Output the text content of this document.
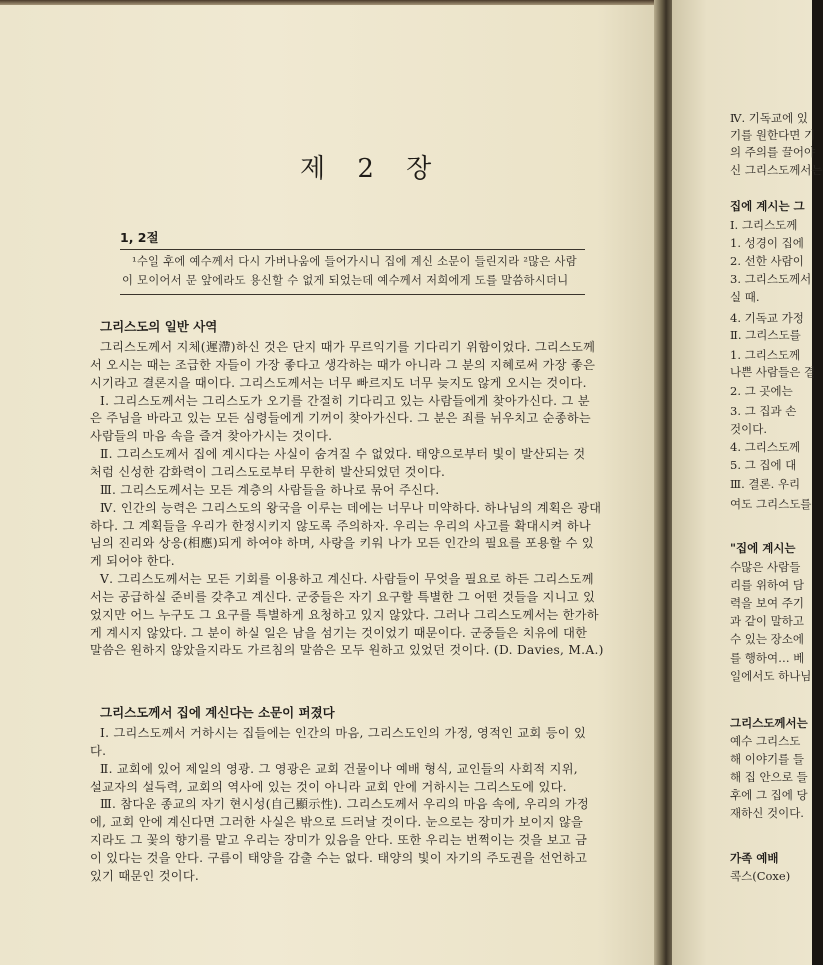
제 2 장
1, 2절
¹수일 후에 예수께서 다시 가버나움에 들어가시니 집에 계신 소문이 들린지라 ²많은 사람
이 모이어서 문 앞에라도 용신할 수 없게 되었는데 예수께서 저희에게 도를 말씀하시더니
그리스도의 일반 사역
그리스도께서 지체(遲滯)하신 것은 단지 때가 무르익기를 기다리기 위함이었다. 그리스도께
서 오시는 때는 조급한 자들이 가장 좋다고 생각하는 때가 아니라 그 분의 지혜로써 가장 좋은
시기라고 결론지을 때이다. 그리스도께서는 너무 빠르지도 너무 늦지도 않게 오시는 것이다.
Ⅰ. 그리스도께서는 그리스도가 오기를 간절히 기다리고 있는 사람들에게 찾아가신다. 그 분
은 주님을 바라고 있는 모든 심령들에게 기꺼이 찾아가신다. 그 분은 죄를 뉘우치고 순종하는
사람들의 마음 속을 즐겨 찾아가시는 것이다.
Ⅱ. 그리스도께서 집에 계시다는 사실이 숨겨질 수 없었다. 태양으로부터 빛이 발산되는 것
처럼 신성한 감화력이 그리스도로부터 무한히 발산되었던 것이다.
Ⅲ. 그리스도께서는 모든 계층의 사람들을 하나로 묶어 주신다.
Ⅳ. 인간의 능력은 그리스도의 왕국을 이루는 데에는 너무나 미약하다. 하나님의 계획은 광대
하다. 그 계획들을 우리가 한정시키지 않도록 주의하자. 우리는 우리의 사고를 확대시켜 하나
님의 진리와 상응(相應)되게 하여야 하며, 사랑을 키워 나가 모든 인간의 필요를 포용할 수 있
게 되어야 한다.
Ⅴ. 그리스도께서는 모든 기회를 이용하고 계신다. 사람들이 무엇을 필요로 하든 그리스도께
서는 공급하실 준비를 갖추고 계신다. 군중들은 자기 요구할 특별한 그 어떤 것들을 지니고 있
었지만 어느 누구도 그 요구를 특별하게 요청하고 있지 않았다. 그러나 그리스도께서는 한가하
게 계시지 않았다. 그 분이 하실 일은 남을 섬기는 것이었기 때문이다. 군중들은 치유에 대한
말씀은 원하지 않았을지라도 가르침의 말씀은 모두 원하고 있었던 것이다. (D. Davies, M.A.)
그리스도께서 집에 계신다는 소문이 퍼졌다
Ⅰ. 그리스도께서 거하시는 집들에는 인간의 마음, 그리스도인의 가정, 영적인 교회 등이 있
다.
Ⅱ. 교회에 있어 제일의 영광. 그 영광은 교회 건물이나 예배 형식, 교인들의 사회적 지위,
설교자의 설득력, 교회의 역사에 있는 것이 아니라 교회 안에 거하시는 그리스도에 있다.
Ⅲ. 참다운 종교의 자기 현시성(自己顯示性). 그리스도께서 우리의 마음 속에, 우리의 가정
에, 교회 안에 계신다면 그러한 사실은 밖으로 드러날 것이다. 눈으로는 장미가 보이지 않을
지라도 그 꽃의 향기를 맡고 우리는 장미가 있음을 안다. 또한 우리는 번쩍이는 것을 보고 금
이 있다는 것을 안다. 구름이 태양을 감출 수는 없다. 태양의 빛이 자기의 주도권을 선언하고
있기 때문인 것이다.
Ⅳ. 기독교에 있
기를 원한다면 기
의 주의를 끌어야
신 그리스도께서는
집에 계시는 그
Ⅰ. 그리스도께
1. 성경이 집에
2. 선한 사람이
3. 그리스도께서
실 때.
4. 기독교 가정
Ⅱ. 그리스도를
1. 그리스도께
나쁜 사람들은 결
2. 그 곳에는
3. 그 집과 손
것이다.
4. 그리스도께
5. 그 집에 대
Ⅲ. 결론. 우리
여도 그리스도를
"집에 계시는
수많은 사람들
리를 위하여 담
력을 보여 주기
과 같이 말하고
수 있는 장소에
를 행하여… 베
일에서도 하나님
그리스도께서는
예수 그리스도
해 이야기를 들
해 집 안으로 들
후에 그 집에 당
재하신 것이다.
가족 예배
콕스(Coxe)
